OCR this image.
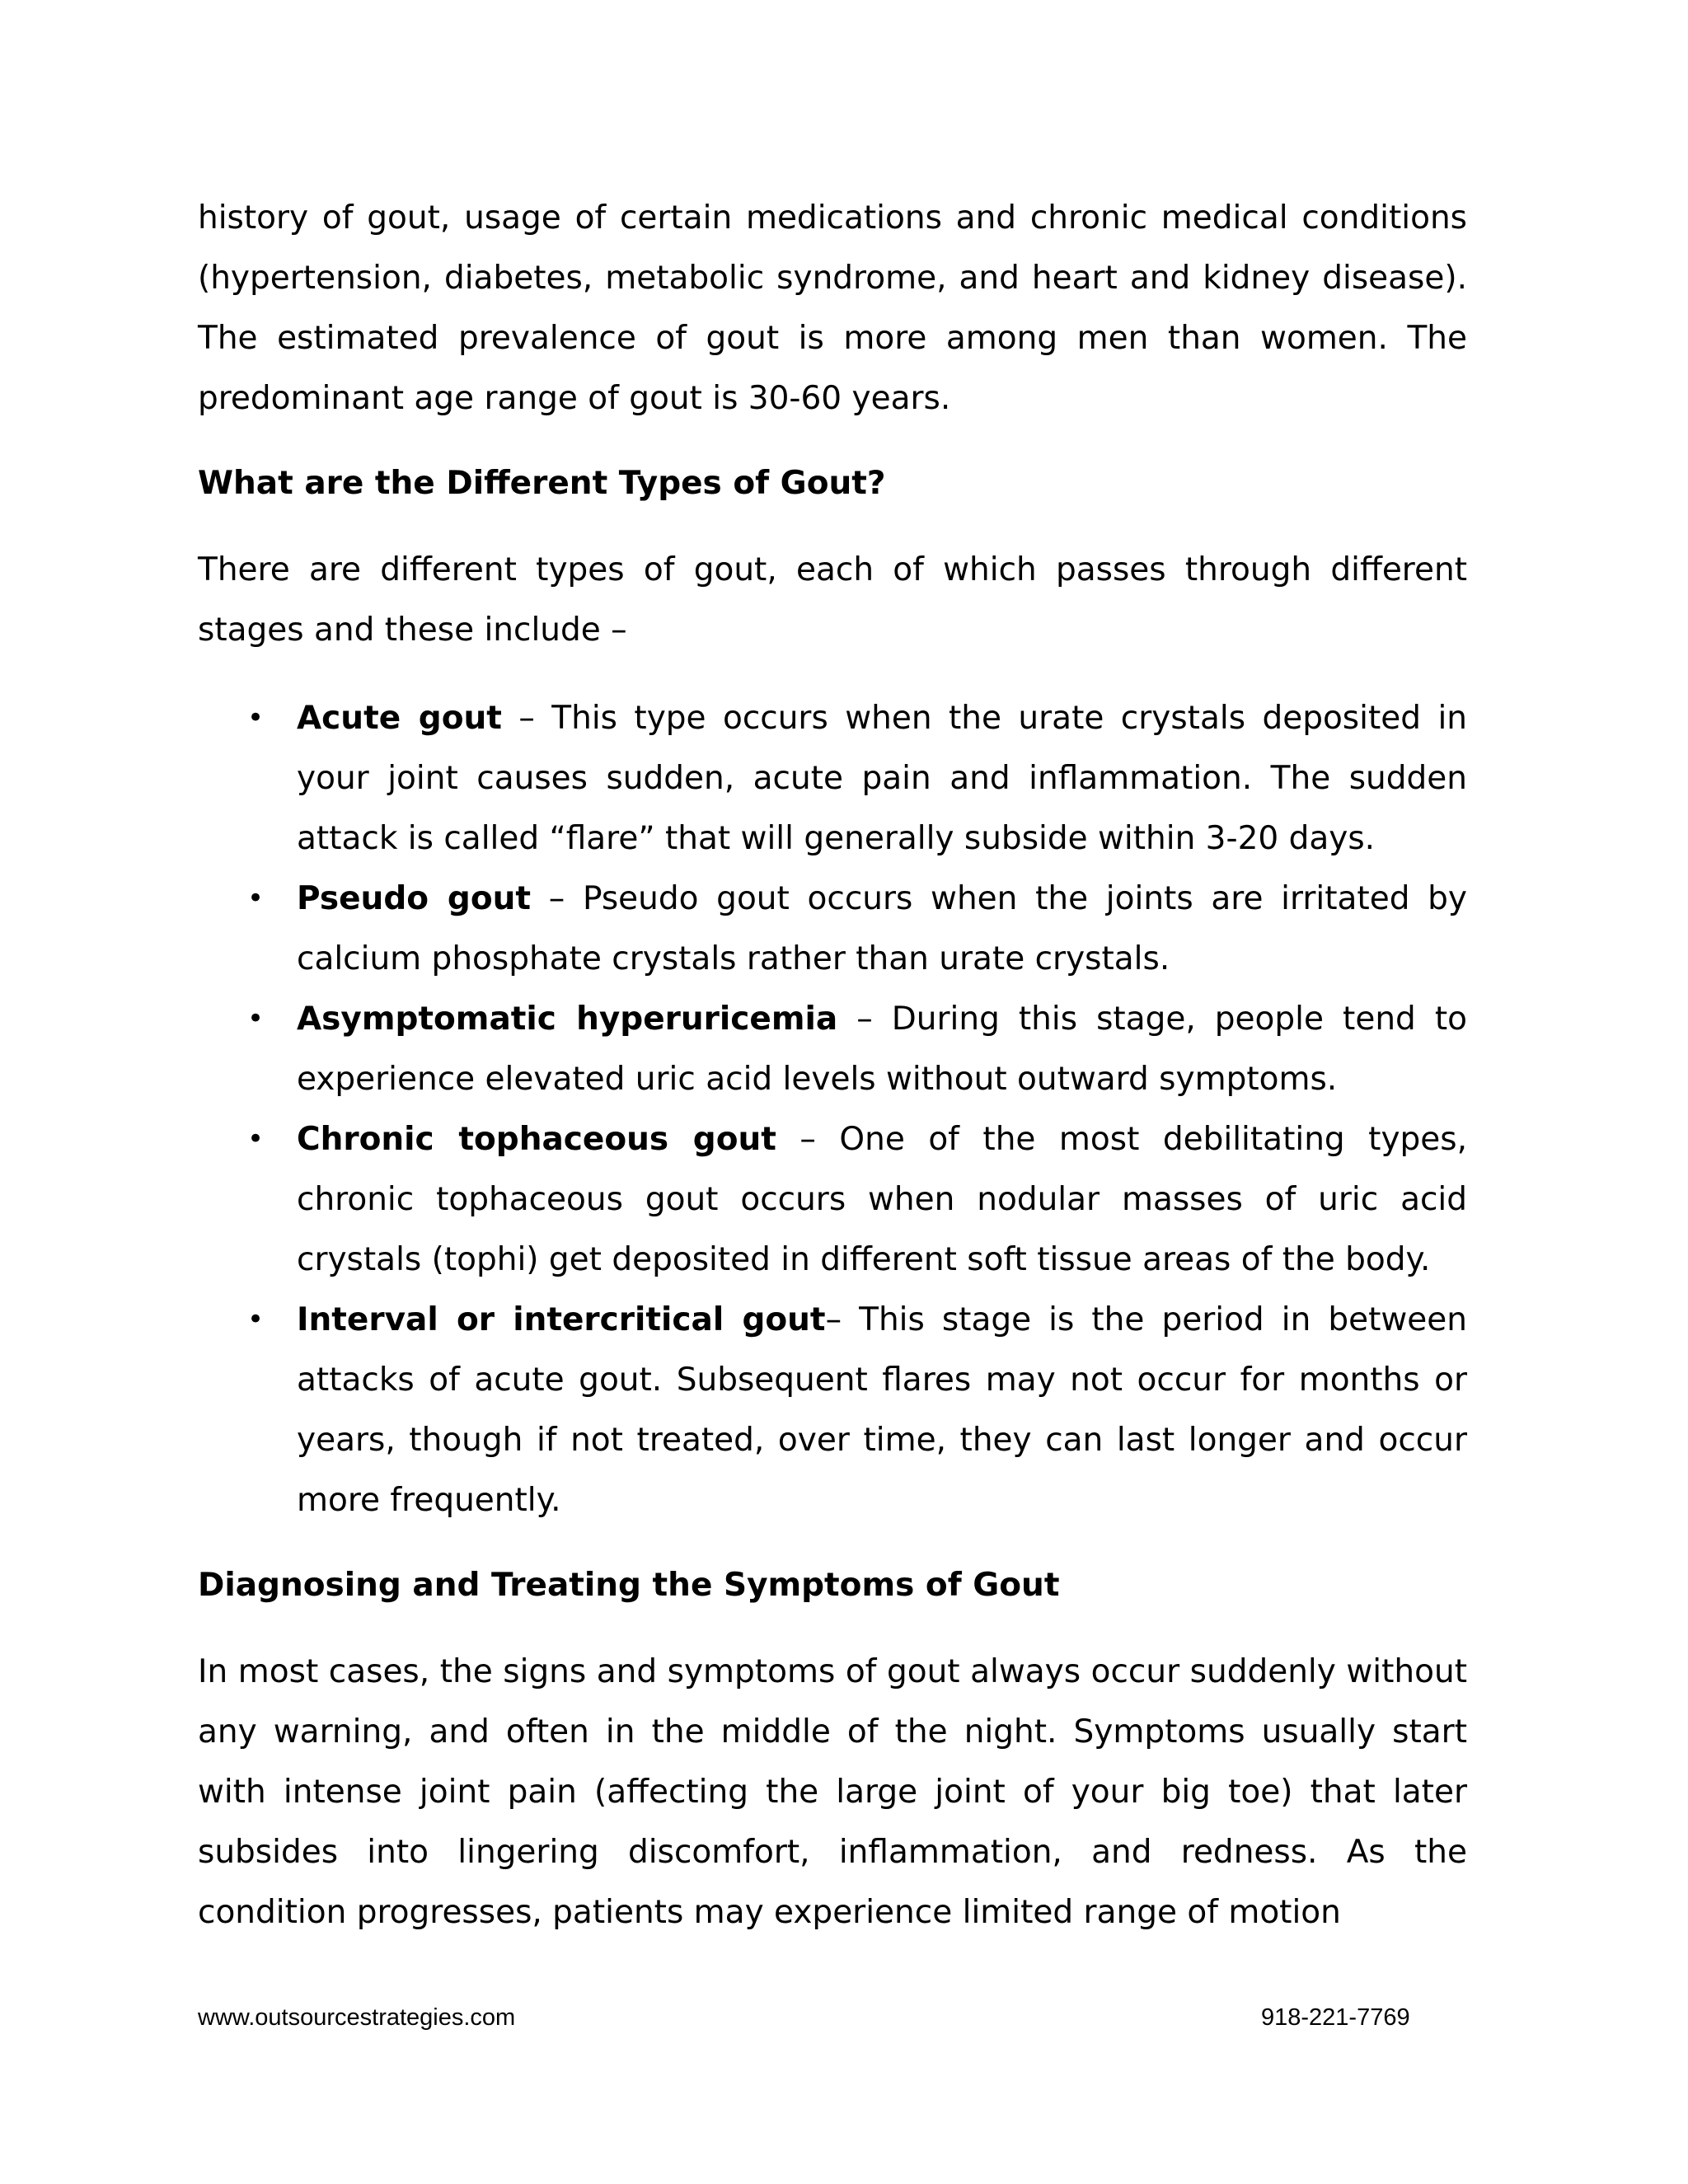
history of gout, usage of certain medications and chronic medical conditions (hypertension, diabetes, metabolic syndrome, and heart and kidney disease). The estimated prevalence of gout is more among men than women. The predominant age range of gout is 30-60 years.

What are the Different Types of Gout?

There are different types of gout, each of which passes through different stages and these include –

• Acute gout – This type occurs when the urate crystals deposited in your joint causes sudden, acute pain and inflammation. The sudden attack is called “flare” that will generally subside within 3-20 days.
• Pseudo gout – Pseudo gout occurs when the joints are irritated by calcium phosphate crystals rather than urate crystals.
• Asymptomatic hyperuricemia – During this stage, people tend to experience elevated uric acid levels without outward symptoms.
• Chronic tophaceous gout – One of the most debilitating types, chronic tophaceous gout occurs when nodular masses of uric acid crystals (tophi) get deposited in different soft tissue areas of the body.
• Interval or intercritical gout– This stage is the period in between attacks of acute gout. Subsequent flares may not occur for months or years, though if not treated, over time, they can last longer and occur more frequently.
Diagnosing and Treating the Symptoms of Gout

In most cases, the signs and symptoms of gout always occur suddenly without any warning, and often in the middle of the night. Symptoms usually start with intense joint pain (affecting the large joint of your big toe) that later subsides into lingering discomfort, inflammation, and redness. As the condition progresses, patients may experience limited range of motion

www.outsourcestrategies.com	918-221-7769
